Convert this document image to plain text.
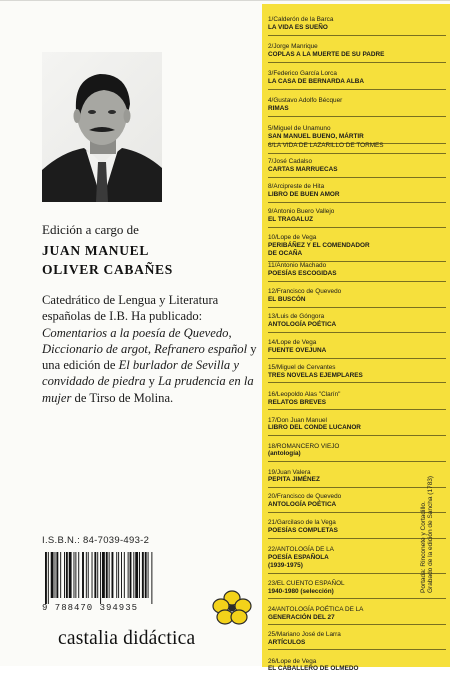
Edición a cargo de
JUAN MANUEL
OLIVER CABAÑES
Catedrático de Lengua y Literatura españolas de I.B. Ha publicado: Comentarios a la poesía de Quevedo, Diccionario de argot, Refranero español y una edición de El burlador de Sevilla y convidado de piedra y La prudencia en la mujer de Tirso de Molina.
I.S.B.N.: 84-7039-493-2
9 788470 394935
castalia didáctica
1/Calderón de la Barca
LA VIDA ES SUEÑO
2/Jorge Manrique
COPLAS A LA MUERTE DE SU PADRE
3/Federico García Lorca
LA CASA DE BERNARDA ALBA
4/Gustavo Adolfo Bécquer
RIMAS
5/Miguel de Unamuno
SAN MANUEL BUENO, MÁRTIR
6/LA VIDA DE LAZARILLO DE TORMES
7/José Cadalso
CARTAS MARRUECAS
8/Arcipreste de Hita
LIBRO DE BUEN AMOR
9/Antonio Buero Vallejo
EL TRAGALUZ
10/Lope de Vega
PERIBÁÑEZ Y EL COMENDADOR
DE OCAÑA
11/Antonio Machado
POESÍAS ESCOGIDAS
12/Francisco de Quevedo
EL BUSCÓN
13/Luis de Góngora
ANTOLOGÍA POÉTICA
14/Lope de Vega
FUENTE OVEJUNA
15/Miguel de Cervantes
TRES NOVELAS EJEMPLARES
16/Leopoldo Alas "Clarín"
RELATOS BREVES
17/Don Juan Manuel
LIBRO DEL CONDE LUCANOR
18/ROMANCERO VIEJO
(antología)
19/Juan Valera
PEPITA JIMÉNEZ
20/Francisco de Quevedo
ANTOLOGÍA POÉTICA
21/Garcilaso de la Vega
POESÍAS COMPLETAS
22/ANTOLOGÍA DE LA
POESÍA ESPAÑOLA
(1939-1975)
23/EL CUENTO ESPAÑOL
1940-1980 (selección)
24/ANTOLOGÍA POÉTICA DE LA
GENERACIÓN DEL 27
25/Mariano José de Larra
ARTÍCULOS
26/Lope de Vega
EL CABALLERO DE OLMEDO
Portada: Rinconete y Cortadillo. Grabado de la edición de Sancha (1783)
